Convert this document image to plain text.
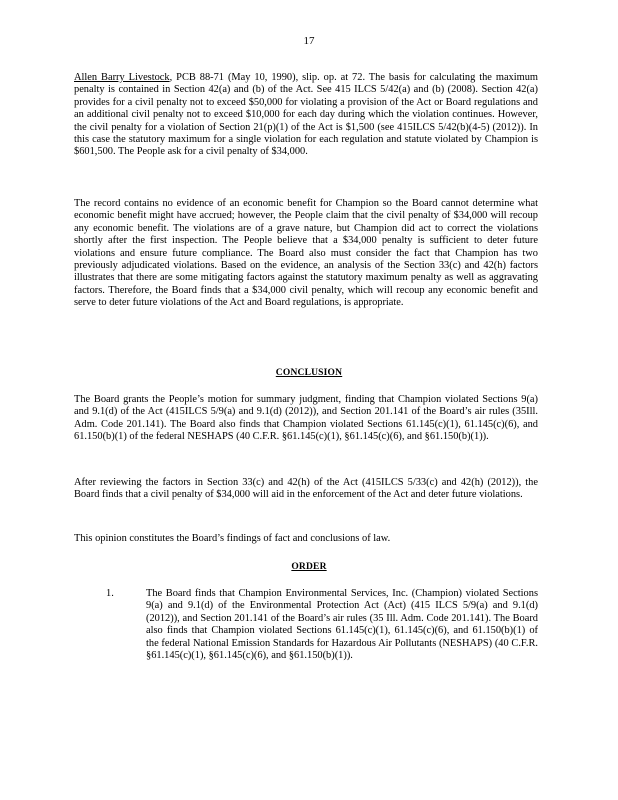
17

Allen Barry Livestock, PCB 88-71 (May 10, 1990), slip. op. at 72. The basis for calculating the maximum penalty is contained in Section 42(a) and (b) of the Act. See 415 ILCS 5/42(a) and (b) (2008). Section 42(a) provides for a civil penalty not to exceed $50,000 for violating a provision of the Act or Board regulations and an additional civil penalty not to exceed $10,000 for each day during which the violation continues. However, the civil penalty for a violation of Section 21(p)(1) of the Act is $1,500 (see 415ILCS 5/42(b)(4-5) (2012)). In this case the statutory maximum for a single violation for each regulation and statute violated by Champion is $601,500. The People ask for a civil penalty of $34,000.

The record contains no evidence of an economic benefit for Champion so the Board cannot determine what economic benefit might have accrued; however, the People claim that the civil penalty of $34,000 will recoup any economic benefit. The violations are of a grave nature, but Champion did act to correct the violations shortly after the first inspection. The People believe that a $34,000 penalty is sufficient to deter future violations and ensure future compliance. The Board also must consider the fact that Champion has two previously adjudicated violations. Based on the evidence, an analysis of the Section 33(c) and 42(h) factors illustrates that there are some mitigating factors against the statutory maximum penalty as well as aggravating factors. Therefore, the Board finds that a $34,000 civil penalty, which will recoup any economic benefit and serve to deter future violations of the Act and Board regulations, is appropriate.

CONCLUSION

The Board grants the People’s motion for summary judgment, finding that Champion violated Sections 9(a) and 9.1(d) of the Act (415ILCS 5/9(a) and 9.1(d) (2012)), and Section 201.141 of the Board’s air rules (35Ill. Adm. Code 201.141). The Board also finds that Champion violated Sections 61.145(c)(1), 61.145(c)(6), and 61.150(b)(1) of the federal NESHAPS (40 C.F.R. §61.145(c)(1), §61.145(c)(6), and §61.150(b)(1)).

After reviewing the factors in Section 33(c) and 42(h) of the Act (415ILCS 5/33(c) and 42(h) (2012)), the Board finds that a civil penalty of $34,000 will aid in the enforcement of the Act and deter future violations.

This opinion constitutes the Board’s findings of fact and conclusions of law.

ORDER
1.	The Board finds that Champion Environmental Services, Inc. (Champion) violated Sections 9(a) and 9.1(d) of the Environmental Protection Act (Act) (415 ILCS 5/9(a) and 9.1(d) (2012)), and Section 201.141 of the Board’s air rules (35 Ill. Adm. Code 201.141). The Board also finds that Champion violated Sections 61.145(c)(1), 61.145(c)(6), and 61.150(b)(1) of the federal National Emission Standards for Hazardous Air Pollutants (NESHAPS) (40 C.F.R. §61.145(c)(1), §61.145(c)(6), and §61.150(b)(1)).
